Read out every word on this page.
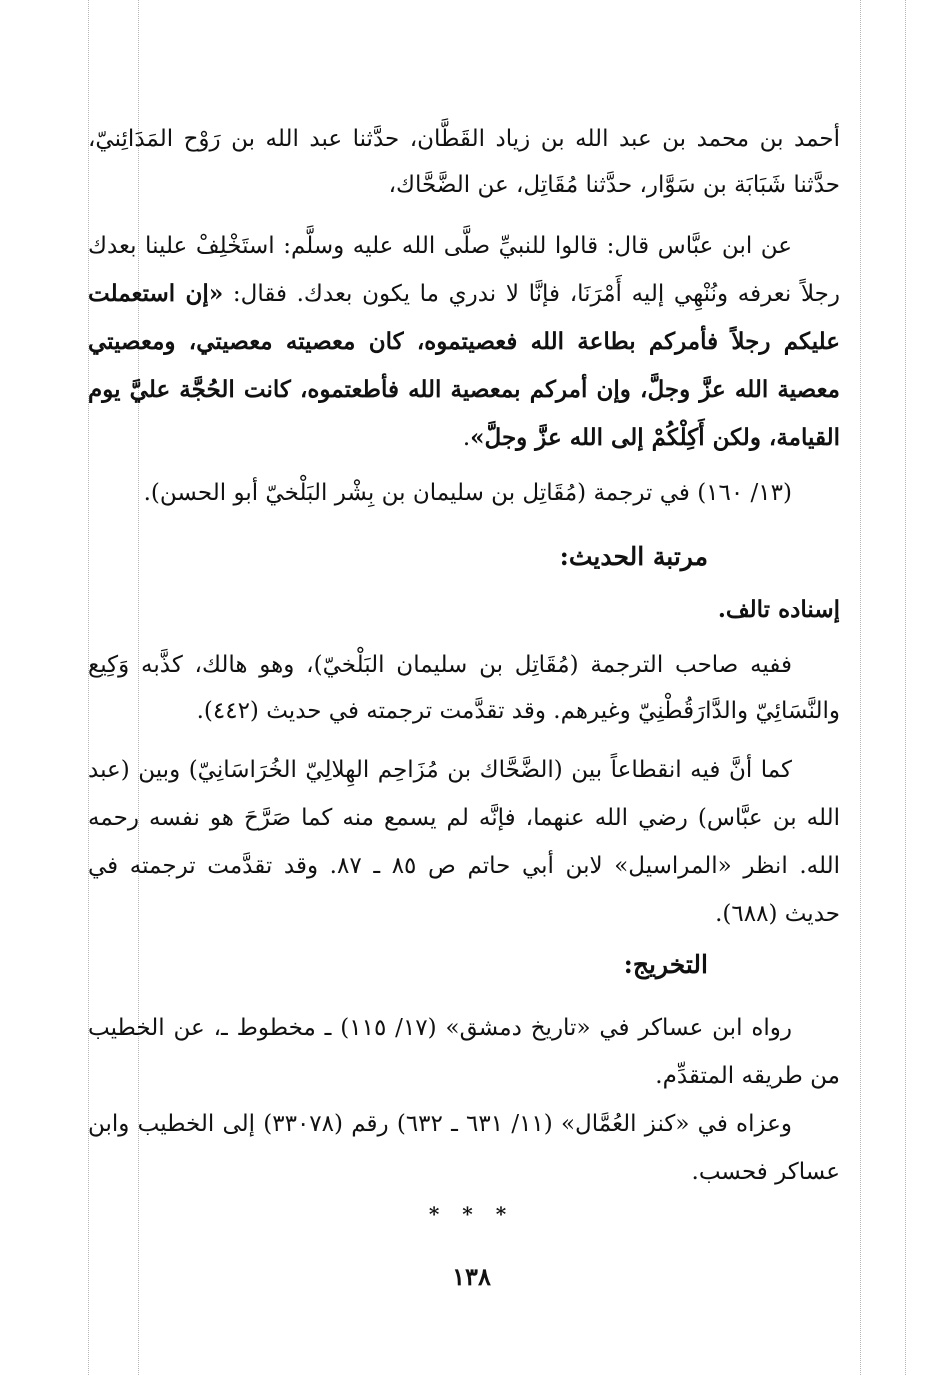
أحمد بن محمد بن عبد الله بن زياد القَطَّان، حدَّثنا عبد الله بن رَوْح المَدَائِنيّ، حدَّثنا شَبَابَة بن سَوَّار، حدَّثنا مُقَاتِل، عن الضَّحَّاك،

عن ابن عبَّاس قال: قالوا للنبيِّ صلَّى الله عليه وسلَّم: استَخْلِفْ علينا بعدك رجلاً نعرفه ونُنْهِي إليه أَمْرَنَا، فإنَّا لا ندري ما يكون بعدك. فقال: «إن استعملت عليكم رجلاً فأمركم بطاعة الله فعصيتموه، كان معصيته معصيتي، ومعصيتي معصية الله عزَّ وجلَّ، وإن أمركم بمعصية الله فأطعتموه، كانت الحُجَّة عليَّ يوم القيامة، ولكن أَكِلْكُمْ إلى الله عزَّ وجلَّ».

(١٣/ ١٦٠) في ترجمة (مُقَاتِل بن سليمان بن بِشْر البَلْخيّ أبو الحسن).

مرتبة الحديث:
إسناده تالف.

ففيه صاحب الترجمة (مُقَاتِل بن سليمان البَلْخيّ)، وهو هالك، كذَّبه وَكِيع والنَّسَائِيّ والدَّارَقُطْنِيّ وغيرهم. وقد تقدَّمت ترجمته في حديث (٤٤٢).

كما أنَّ فيه انقطاعاً بين (الضَّحَّاك بن مُزَاحِم الهِلالِيّ الخُرَاسَانِيّ) وبين (عبد الله بن عبَّاس) رضي الله عنهما، فإنَّه لم يسمع منه كما صَرَّحَ هو نفسه رحمه الله. انظر «المراسيل» لابن أبي حاتم ص ٨٥ ـ ٨٧. وقد تقدَّمت ترجمته في حديث (٦٨٨).

التخريج:

رواه ابن عساكر في «تاريخ دمشق» (١٧/ ١١٥) ـ مخطوط ـ، عن الخطيب من طريقه المتقدِّم.

وعزاه في «كنز العُمَّال» (١١/ ٦٣١ ـ ٦٣٢) رقم (٣٣٠٧٨) إلى الخطيب وابن عساكر فحسب.

* * *
١٣٨
